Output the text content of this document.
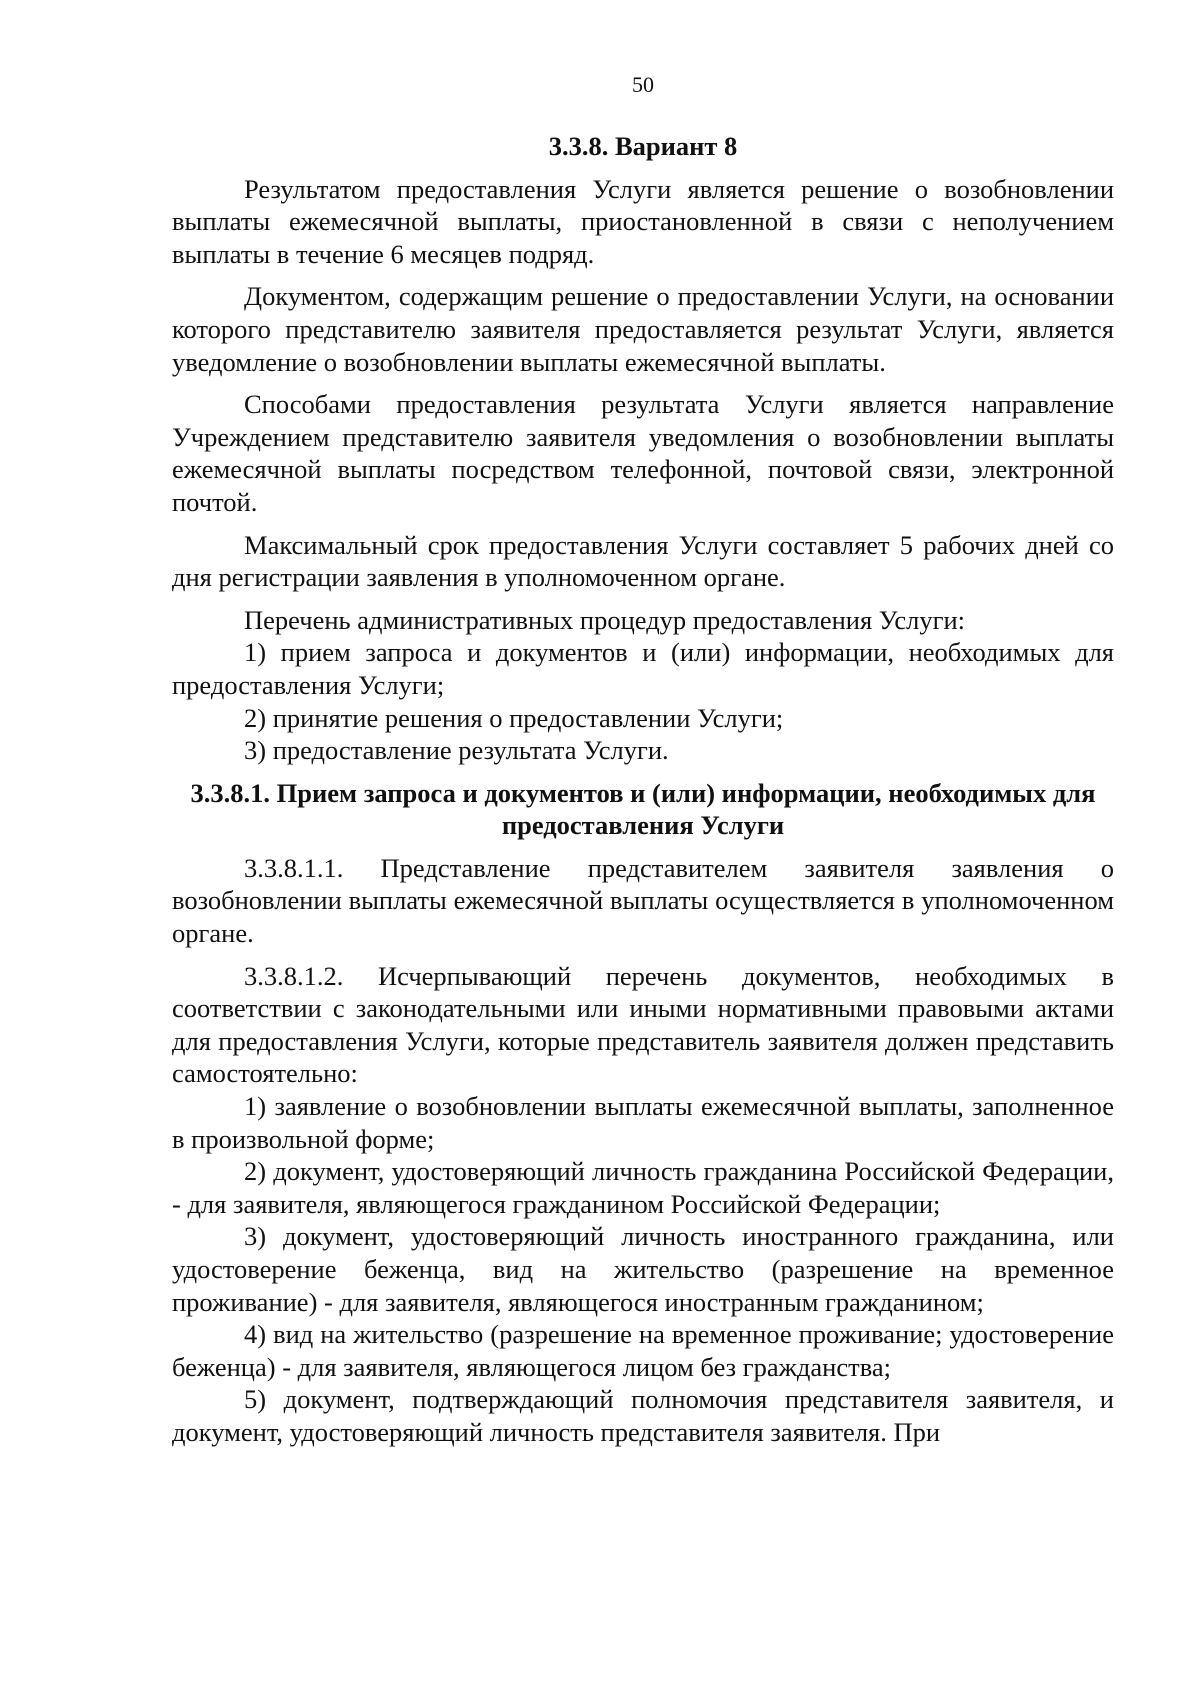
50
3.3.8. Вариант 8

Результатом предоставления Услуги является решение о возобновлении выплаты ежемесячной выплаты, приостановленной в связи с неполучением выплаты в течение 6 месяцев подряд.

Документом, содержащим решение о предоставлении Услуги, на основании которого представителю заявителя предоставляется результат Услуги, является уведомление о возобновлении выплаты ежемесячной выплаты.

Способами предоставления результата Услуги является направление Учреждением представителю заявителя уведомления о возобновлении выплаты ежемесячной выплаты посредством телефонной, почтовой связи, электронной почтой.

Максимальный срок предоставления Услуги составляет 5 рабочих дней со дня регистрации заявления в уполномоченном органе.

Перечень административных процедур предоставления Услуги:

1) прием запроса и документов и (или) информации, необходимых для предоставления Услуги;

2) принятие решения о предоставлении Услуги;

3) предоставление результата Услуги.

3.3.8.1. Прием запроса и документов и (или) информации, необходимых для предоставления Услуги

3.3.8.1.1. Представление представителем заявителя заявления о возобновлении выплаты ежемесячной выплаты осуществляется в уполномоченном органе.

3.3.8.1.2. Исчерпывающий перечень документов, необходимых в соответствии с законодательными или иными нормативными правовыми актами для предоставления Услуги, которые представитель заявителя должен представить самостоятельно:

1) заявление о возобновлении выплаты ежемесячной выплаты, заполненное в произвольной форме;

2) документ, удостоверяющий личность гражданина Российской Федерации, - для заявителя, являющегося гражданином Российской Федерации;

3) документ, удостоверяющий личность иностранного гражданина, или удостоверение беженца, вид на жительство (разрешение на временное проживание) - для заявителя, являющегося иностранным гражданином;

4) вид на жительство (разрешение на временное проживание; удостоверение беженца) - для заявителя, являющегося лицом без гражданства;

5) документ, подтверждающий полномочия представителя заявителя, и документ, удостоверяющий личность представителя заявителя. При
